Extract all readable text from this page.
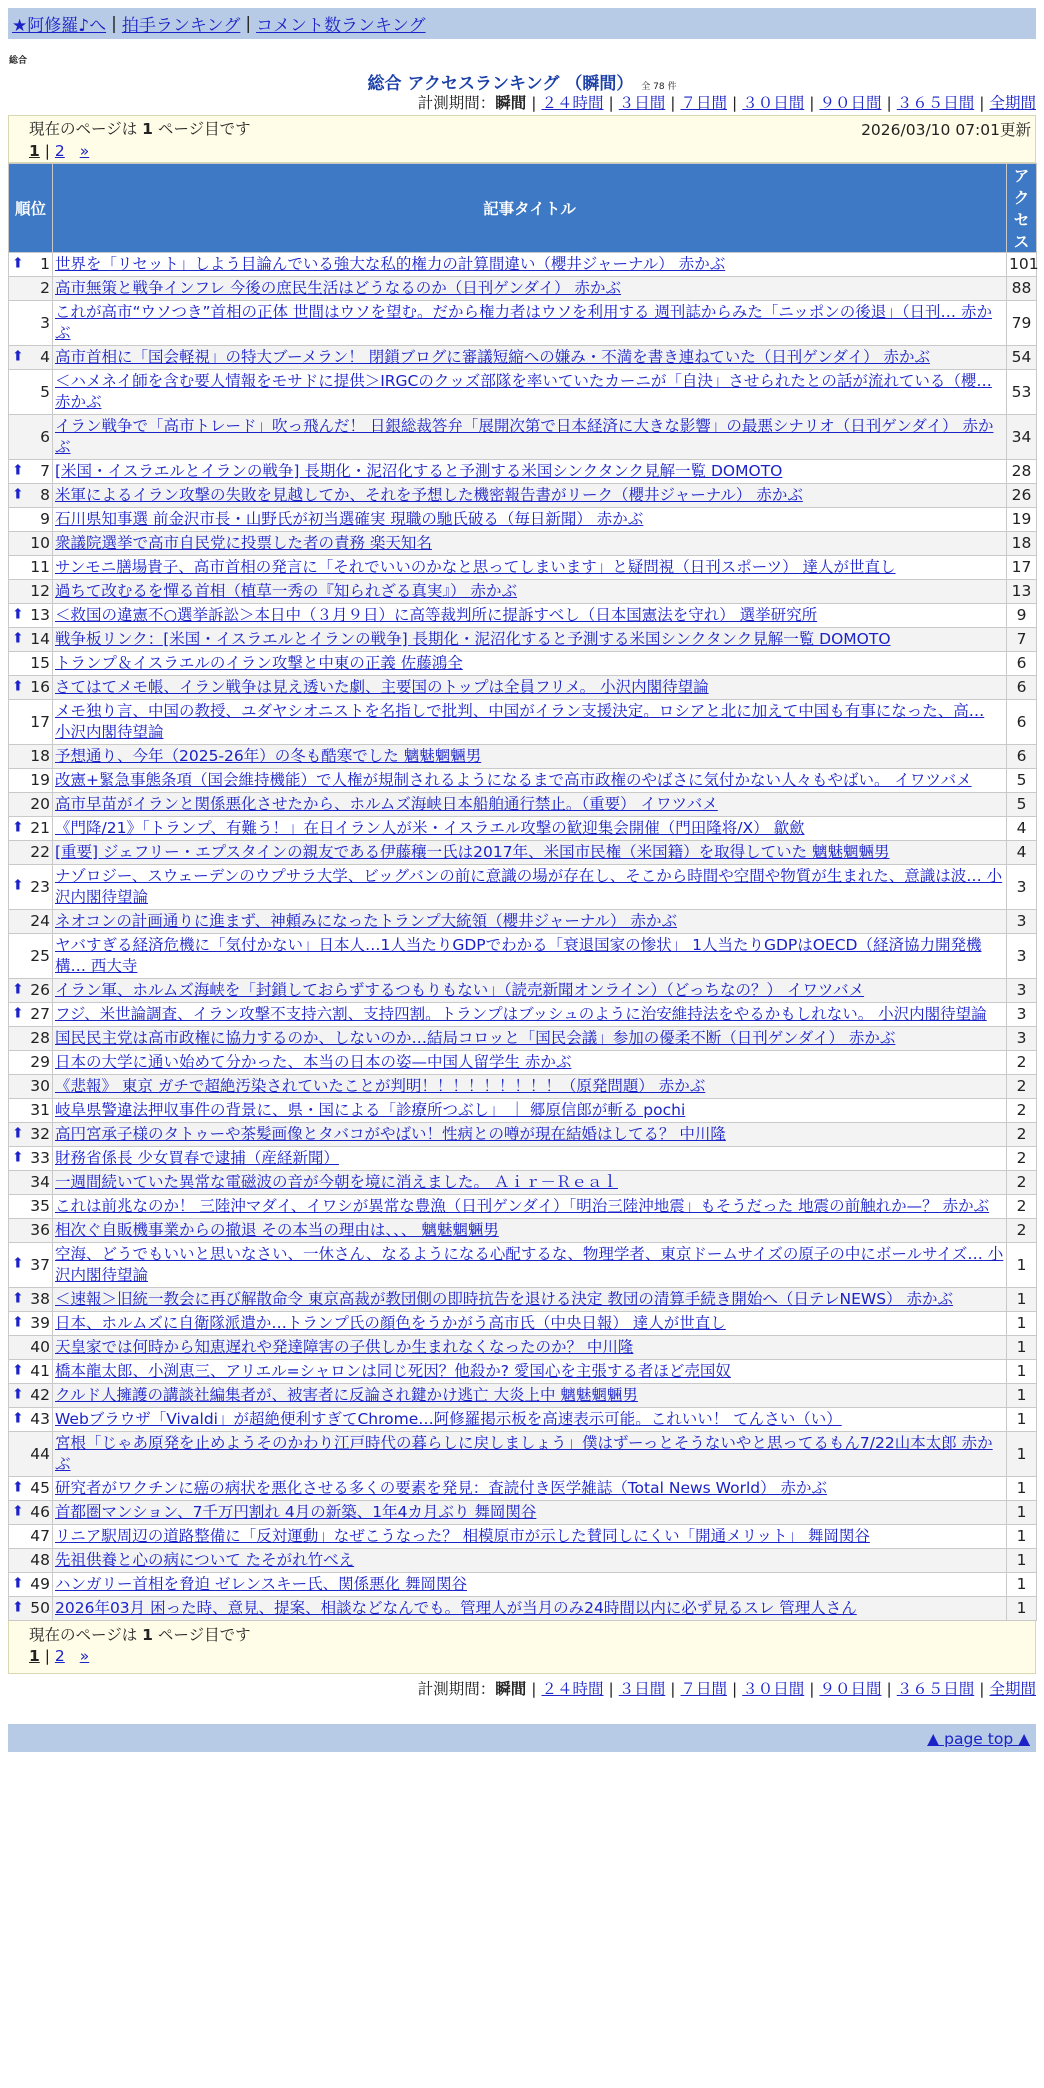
★阿修羅♪へ | 拍手ランキング | コメント数ランキング
総合
総合 アクセスランキング （瞬間） 全 78 件
計測期間：瞬間 | ２４時間 | ３日間 | ７日間 | ３０日間 | ９０日間 | ３６５日間 | 全期間
現在のページは 1 ページ目です	2026/03/10 07:01更新
1 | 2 »
順位	記事タイトル	アクセス

⬆ 1	世界を「リセット」しよう目論んでいる強大な私的権力の計算間違い（櫻井ジャーナル） 赤かぶ	101
2	高市無策と戦争インフレ 今後の庶民生活はどうなるのか（日刊ゲンダイ） 赤かぶ	88
3	これが高市“ウソつき”首相の正体 世間はウソを望む。だから権力者はウソを利用する 週刊誌からみた「ニッポンの後退」（日刊… 赤かぶ	79

⬆ 4	高市首相に「国会軽視」の特大ブーメラン！ 閉鎖ブログに審議短縮への嫌み・不満を書き連ねていた（日刊ゲンダイ） 赤かぶ	54
5	＜ハメネイ師を含む要人情報をモサドに提供＞IRGCのクッズ部隊を率いていたカーニが「自決」させられたとの話が流れている（櫻… 赤かぶ	53
6	イラン戦争で「高市トレード」吹っ飛んだ！ 日銀総裁答弁「展開次第で日本経済に大きな影響」の最悪シナリオ（日刊ゲンダイ） 赤かぶ	34

⬆ 7	[米国・イスラエルとイランの戦争] 長期化・泥沼化すると予測する米国シンクタンク見解一覧 DOMOTO	28

⬆ 8	米軍によるイラン攻撃の失敗を見越してか、それを予想した機密報告書がリーク（櫻井ジャーナル） 赤かぶ	26
9	石川県知事選 前金沢市長・山野氏が初当選確実 現職の馳氏破る（毎日新聞） 赤かぶ	19
10	衆議院選挙で高市自民党に投票した者の責務 楽天知名	18
11	サンモニ膳場貴子、高市首相の発言に「それでいいのかなと思ってしまいます」と疑問視（日刊スポーツ） 達人が世直し	17
12	過ちて改むるを憚る首相（植草一秀の『知られざる真実』） 赤かぶ	13

⬆ 13	＜救国の違憲不○選挙訴訟＞本日中（３月９日）に高等裁判所に提訴すべし（日本国憲法を守れ） 選挙研究所	9

⬆ 14	戦争板リンク：[米国・イスラエルとイランの戦争] 長期化・泥沼化すると予測する米国シンクタンク見解一覧 DOMOTO	7
15	トランプ＆イスラエルのイラン攻撃と中東の正義 佐藤鴻全	6

⬆ 16	さてはてメモ帳、イラン戦争は見え透いた劇、主要国のトップは全員フリメ。 小沢内閣待望論	6
17	メモ独り言、中国の教授、ユダヤシオニストを名指しで批判、中国がイラン支援決定。ロシアと北に加えて中国も有事になった、高… 小沢内閣待望論	6
18	予想通り、今年（2025-26年）の冬も酷寒でした 魑魅魍魎男	6
19	改憲+緊急事態条項（国会維持機能）で人権が規制されるようになるまで高市政権のやばさに気付かない人々もやばい。 イワツバメ	5
20	高市早苗がイランと関係悪化させたから、ホルムズ海峡日本船舶通行禁止。（重要） イワツバメ	5

⬆ 21	《門降/21》「トランプ、有難う！」在日イラン人が米・イスラエル攻撃の歓迎集会開催（門田隆将/X） 歙歛	4
22	[重要] ジェフリー・エプスタインの親友である伊藤穰一氏は2017年、米国市民権（米国籍）を取得していた 魑魅魍魎男	4

⬆ 23	ナゾロジー、スウェーデンのウプサラ大学、ビッグバンの前に意識の場が存在し、そこから時間や空間や物質が生まれた、意識は波… 小沢内閣待望論	3
24	ネオコンの計画通りに進まず、神頼みになったトランプ大統領（櫻井ジャーナル） 赤かぶ	3
25	ヤバすぎる経済危機に「気付かない」日本人…1人当たりGDPでわかる「衰退国家の惨状」 1人当たりGDPはOECD（経済協力開発機構… 西大寺	3

⬆ 26	イラン軍、ホルムズ海峡を「封鎖しておらずするつもりもない」（読売新聞オンライン）（どっちなの？） イワツバメ	3

⬆ 27	フジ、米世論調査、イラン攻撃不支持六割、支持四割。トランプはブッシュのように治安維持法をやるかもしれない。 小沢内閣待望論	3
28	国民民主党は高市政権に協力するのか、しないのか…結局コロッと「国民会議」参加の優柔不断（日刊ゲンダイ） 赤かぶ	3
29	日本の大学に通い始めて分かった、本当の日本の姿—中国人留学生 赤かぶ	2
30	《悲報》 東京 ガチで超絶汚染されていたことが判明！！！！！！！！！（原発問題） 赤かぶ	2
31	岐阜県警違法押収事件の背景に、県・国による「診療所つぶし」 ｜ 郷原信郎が斬る pochi	2

⬆ 32	高円宮承子様のタトゥーや茶髪画像とタバコがやばい！性病との噂が現在結婚はしてる？ 中川隆	2

⬆ 33	財務省係長 少女買春で逮捕（産経新聞）	2
34	一週間続いていた異常な電磁波の音が今朝を境に消えました。 Ａｉｒ－Ｒｅａｌ	2
35	これは前兆なのか！ 三陸沖マダイ、イワシが異常な豊漁（日刊ゲンダイ）「明治三陸沖地震」もそうだった 地震の前触れか—？ 赤かぶ	2
36	相次ぐ自販機事業からの撤退 その本当の理由は、、、 魑魅魍魎男	2

⬆ 37	空海、どうでもいいと思いなさい、一休さん、なるようになる心配するな、物理学者、東京ドームサイズの原子の中にボールサイズ… 小沢内閣待望論	1

⬆ 38	＜速報＞旧統一教会に再び解散命令 東京高裁が教団側の即時抗告を退ける決定 教団の清算手続き開始へ（日テレNEWS） 赤かぶ	1

⬆ 39	日本、ホルムズに自衛隊派遣か…トランプ氏の顔色をうかがう高市氏（中央日報） 達人が世直し	1
40	天皇家では何時から知恵遅れや発達障害の子供しか生まれなくなったのか？ 中川隆	1

⬆ 41	橋本龍太郎、小渕恵三、アリエル=シャロンは同じ死因？他殺か? 愛国心を主張する者ほど売国奴	1

⬆ 42	クルド人擁護の講談社編集者が、被害者に反論され鍵かけ逃亡 大炎上中 魑魅魍魎男	1

⬆ 43	Webブラウザ「Vivaldi」が超絶便利すぎてChrome…阿修羅掲示板を高速表示可能。これいい！ てんさい（い）	1
44	宮根「じゃあ原発を止めようそのかわり江戸時代の暮らしに戻しましょう」僕はずーっとそうないやと思ってるもん7/22山本太郎 赤かぶ	1

⬆ 45	研究者がワクチンに癌の病状を悪化させる多くの要素を発見：査読付き医学雑誌（Total News World） 赤かぶ	1

⬆ 46	首都圏マンション、7千万円割れ 4月の新築、1年4カ月ぶり 舞岡関谷	1
47	リニア駅周辺の道路整備に「反対運動」なぜこうなった？ 相模原市が示した賛同しにくい「開通メリット」 舞岡関谷	1
48	先祖供養と心の病について たそがれ竹べえ	1

⬆ 49	ハンガリー首相を脅迫 ゼレンスキー氏、関係悪化 舞岡関谷	1

⬆ 50	2026年03月 困った時、意見、提案、相談などなんでも。管理人が当月のみ24時間以内に必ず見るスレ 管理人さん	1
現在のページは 1 ページ目です
1 | 2 »
計測期間：瞬間 | ２４時間 | ３日間 | ７日間 | ３０日間 | ９０日間 | ３６５日間 | 全期間
▲ page top ▲
